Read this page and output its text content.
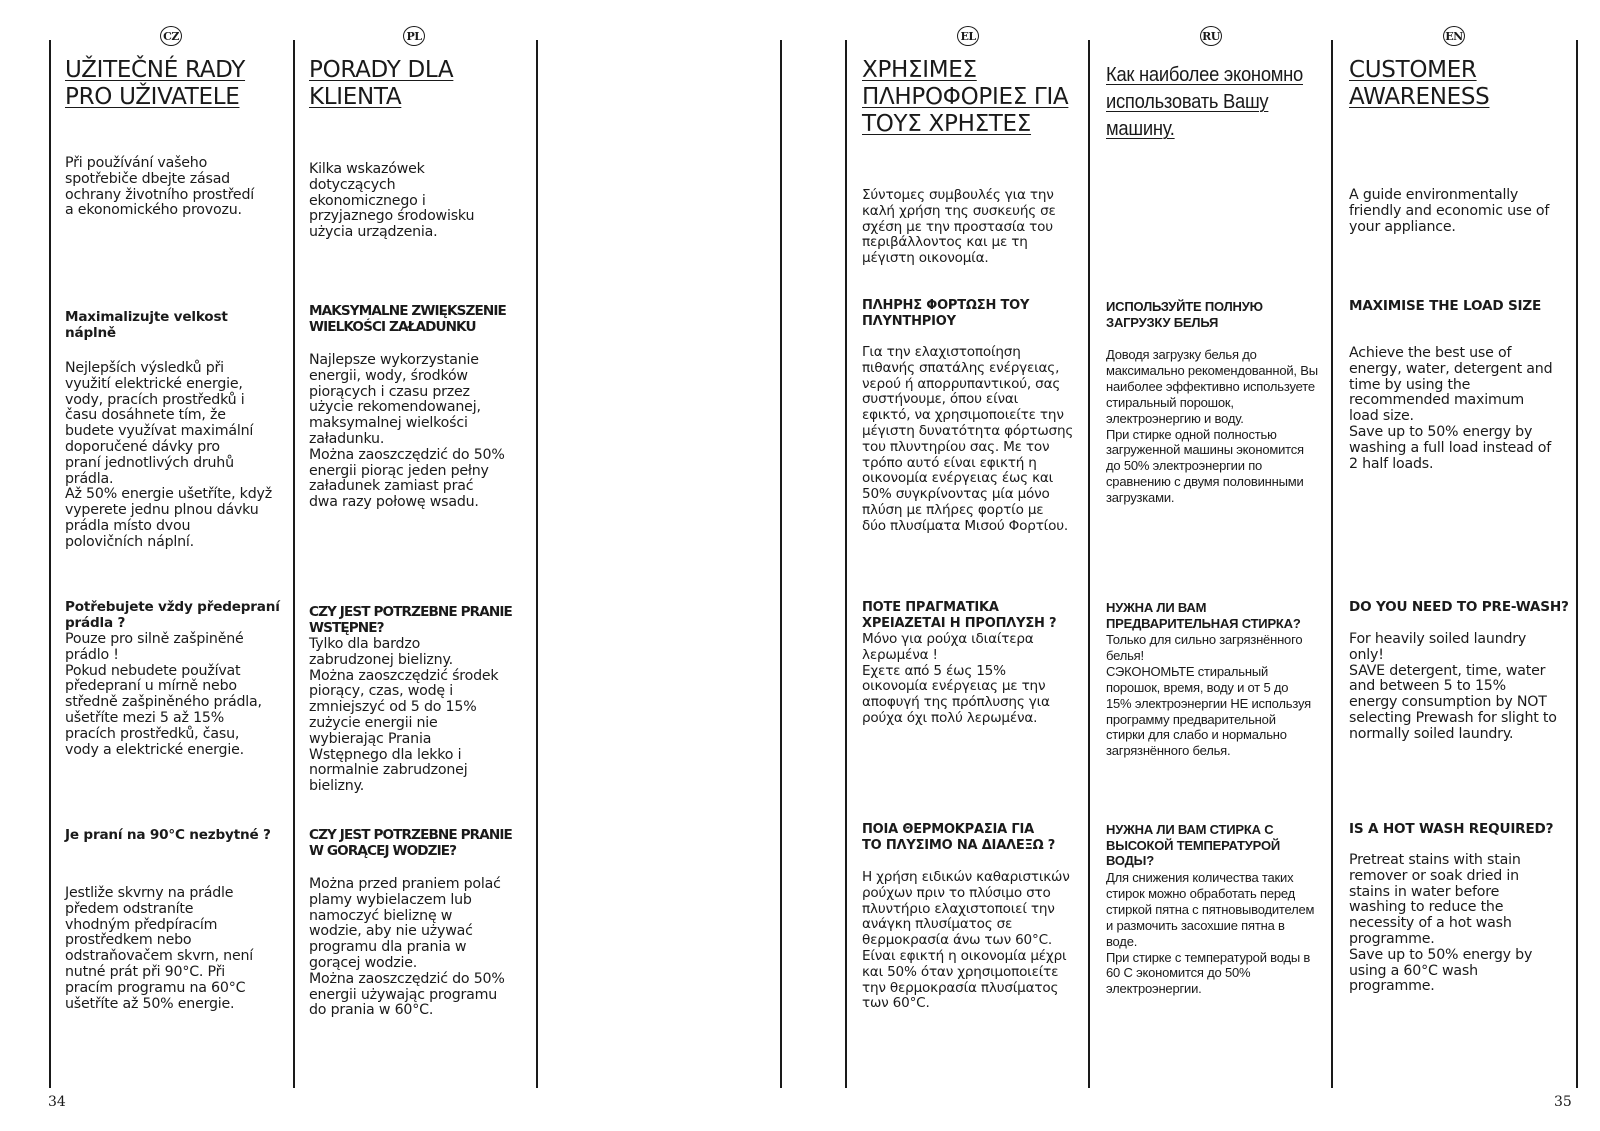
CZ	PL	EL	RU	EN
UŽITEČNÉ RADY
PRO UŽIVATELE

Při používání vašeho
spotřebiče dbejte zásad
ochrany životního prostředí
a ekonomického provozu.

Maximalizujte velkost
náplně

Nejlepších výsledků při
využití elektrické energie,
vody, pracích prostředků i
času dosáhnete tím, že
budete využívat maximální
doporučené dávky pro
praní jednotlivých druhů
prádla.
Až 50% energie ušetříte, když
vyperete jednu plnou dávku
prádla místo dvou
polovičních náplní.

Potřebujete vždy předepraní
prádla ?

Pouze pro silně zašpiněné
prádlo !
Pokud nebudete používat
předepraní u mírně nebo
středně zašpiněného prádla,
ušetříte mezi 5 až 15%
pracích prostředků, času,
vody a elektrické energie.

Je praní na 90°C nezbytné ?

Jestliže skvrny na prádle
předem odstraníte
vhodným předpíracím
prostředkem nebo
odstraňovačem skvrn, není
nutné prát při 90°C. Při
pracím programu na 60°C
ušetříte až 50% energie.

PORADY DLA
KLIENTA

Kilka wskazówek
dotyczących
ekonomicznego i
przyjaznego środowisku
użycia urządzenia.

MAKSYMALNE ZWIĘKSZENIE
WIELKOŚCI ZAŁADUNKU

Najlepsze wykorzystanie
energii, wody, środków
piorących i czasu przez
użycie rekomendowanej,
maksymalnej wielkości
załadunku.
Można zaoszczędzić do 50%
energii piorąc jeden pełny
załadunek zamiast prać
dwa razy połowę wsadu.

CZY JEST POTRZEBNE PRANIE
WSTĘPNE?

Tylko dla bardzo
zabrudzonej bielizny.
Można zaoszczędzić środek
piorący, czas, wodę i
zmniejszyć od 5 do 15%
zużycie energii nie
wybierając Prania
Wstępnego dla lekko i
normalnie zabrudzonej
bielizny.

CZY JEST POTRZEBNE PRANIE
W GORĄCEJ WODZIE?

Można przed praniem polać
plamy wybielaczem lub
namoczyć bieliznę w
wodzie, aby nie używać
programu dla prania w
gorącej wodzie.
Można zaoszczędzić do 50%
energii używając programu
do prania w 60°C.

ΧΡΗΣΙΜΕΣ
ΠΛΗΡΟΦΟΡΙΕΣ ΓΙΑ
ΤΟΥΣ ΧΡΗΣΤΕΣ

Σύντομες συμβουλές για την
καλή χρήση της συσκευής σε
σχέση με την προστασία του
περιβάλλοντος και με τη
μέγιστη οικονομία.

ΠΛΗΡΗΣ ΦΟΡΤΩΣΗ ΤΟΥ
ΠΛΥΝΤΗΡΙΟΥ

Για την ελαχιστοποίηση
πιθανής σπατάλης ενέργειας,
νερού ή απορρυπαντικού, σας
συστήνουμε, όπου είναι
εφικτό, να χρησιμοποιείτε την
μέγιστη δυνατότητα φόρτωσης
του πλυντηρίου σας. Με τον
τρόπο αυτό είναι εφικτή η
οικονομία ενέργειας έως και
50% συγκρίνοντας μία μόνο
πλύση με πλήρες φορτίο με
δύο πλυσίματα Μισού Φορτίου.

ΠΟΤΕ ΠΡΑΓΜΑΤΙΚΑ
ΧΡΕΙΑΖΕΤΑΙ Η ΠΡΟΠΛΥΣΗ ?

Μόνο για ρούχα ιδιαίτερα
λερωμένα !
Εχετε από 5 έως 15%
οικονομία ενέργειας με την
αποφυγή της πρόπλυσης για
ρούχα όχι πολύ λερωμένα.

ΠΟΙΑ ΘΕΡΜΟΚΡΑΣΙΑ ΓΙΑ
ΤΟ ΠΛΥΣΙΜΟ ΝΑ ΔΙΑΛΕΞΩ ?

Η χρήση ειδικών καθαριστικών
ρούχων πριν το πλύσιμο στο
πλυντήριο ελαχιστοποιεί την
ανάγκη πλυσίματος σε
θερμοκρασία άνω των 60°C.
Είναι εφικτή η οικονομία μέχρι
και 50% όταν χρησιμοποιείτε
την θερμοκρασία πλυσίματος
των 60°C.

Как наиболее экономно
использовать Вашу
машину.

ИСПОЛЬЗУЙТЕ ПОЛНУЮ
ЗАГРУЗКУ БЕЛЬЯ

Доводя загрузку белья до
максимально рекомендованной, Вы
наиболее эффективно используете
стиральный порошок,
электроэнергию и воду.
При стирке одной полностью
загруженной машины экономится
до 50% электроэнергии по
сравнению с двумя половинными
загрузками.

НУЖНА ЛИ ВАМ
ПРЕДВАРИТЕЛЬНАЯ СТИРКА?

Только для сильно загрязнённого
белья!
СЭКОНОМЬТЕ стиральный
порошок, время, воду и от 5 до
15% электроэнергии НЕ используя
программу предварительной
стирки для слабо и нормально
загрязнённого белья.

НУЖНА ЛИ ВАМ СТИРКА С
ВЫСОКОЙ ТЕМПЕРАТУРОЙ
ВОДЫ?

Для снижения количества таких
стирок можно обработать перед
стиркой пятна с пятновыводителем
и размочить засохшие пятна в
воде.
При стирке с температурой воды в
60 С экономится до 50%
электроэнергии.

CUSTOMER
AWARENESS

A guide environmentally
friendly and economic use of
your appliance.

MAXIMISE THE LOAD SIZE

Achieve the best use of
energy, water, detergent and
time by using the
recommended maximum
load size.
Save up to 50% energy by
washing a full load instead of
2 half loads.

DO YOU NEED TO PRE-WASH?

For heavily soiled laundry
only!
SAVE detergent, time, water
and between 5 to 15%
energy consumption by NOT
selecting Prewash for slight to
normally soiled laundry.

IS A HOT WASH REQUIRED?

Pretreat stains with stain
remover or soak dried in
stains in water before
washing to reduce the
necessity of a hot wash
programme.
Save up to 50% energy by
using a 60°C wash
programme.

34	35
